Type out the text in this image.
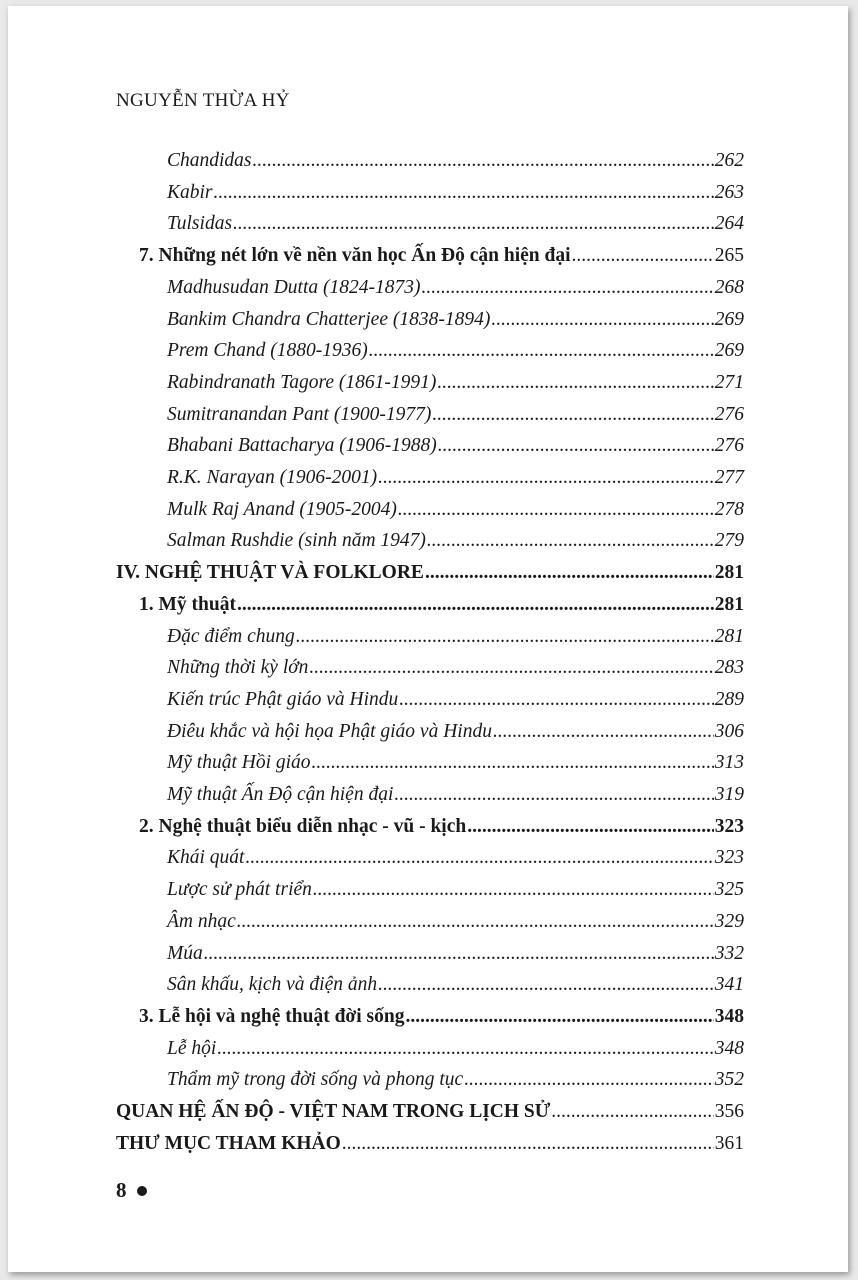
NGUYỄN THỪA HỶ
Chandidas .....	262
Kabir .....	263
Tulsidas .....	264
7. Những nét lớn về nền văn học Ấn Độ cận hiện đại .....	265
Madhusudan Dutta (1824-1873) .....	268
Bankim Chandra Chatterjee (1838-1894) .....	269
Prem Chand (1880-1936) .....	269
Rabindranath Tagore (1861-1991) .....	271
Sumitranandan Pant (1900-1977) .....	276
Bhabani Battacharya (1906-1988) .....	276
R.K. Narayan (1906-2001) .....	277
Mulk Raj Anand (1905-2004) .....	278
Salman Rushdie (sinh năm 1947) .....	279
IV. NGHỆ THUẬT VÀ FOLKLORE .....	281
1. Mỹ thuật .....	281
Đặc điểm chung .....	281
Những thời kỳ lớn .....	283
Kiến trúc Phật giáo và Hindu .....	289
Điêu khắc và hội họa Phật giáo và Hindu .....	306
Mỹ thuật Hồi giáo .....	313
Mỹ thuật Ấn Độ cận hiện đại .....	319
2. Nghệ thuật biểu diễn nhạc - vũ - kịch .....	323
Khái quát .....	323
Lược sử phát triển .....	325
Âm nhạc .....	329
Múa .....	332
Sân khấu, kịch và điện ảnh .....	341
3. Lễ hội và nghệ thuật đời sống .....	348
Lễ hội .....	348
Thẩm mỹ trong đời sống và phong tục .....	352
QUAN HỆ ẤN ĐỘ - VIỆT NAM TRONG LỊCH SỬ .....	356
THƯ MỤC THAM KHẢO .....	361
8
